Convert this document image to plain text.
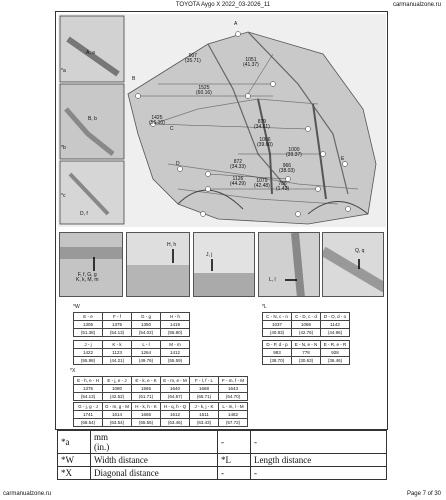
TOYOTA Aygo X 2022_03-2026_11	carmanualzone.ru
907
(35.71)	1051
(41.37)
1525
(60.16)
1425
(56.10)	879
(34.61)
1006
(39.60)
1000
(39.37)
872
(34.33)	966
(38.03)
1126
(44.29)	1079
(42.48)	786
(1.42)
A, a
B, b
D, f
*a
*b
*c
B
C
D
E
A
F, f, G, g
K, k, M, m
H, h
J, j
L, l
Q, q
*W
E - e	F - f	G - g	H - h
1305	1375	1350	1419
(51.38)	(54.13)	(54.02)	(55.80)
J - j	K - k	L - l	M - m
1422	1123	1264	1412
(55.98)	(44.21)	(49.76)	(55.59)
*L
C - N, c - n	C - D, c - d	D - O, d - o
1037	1086	1142
(40.83)	(42.76)	(44.96)
D - P, d - p	E - N, e - N	E - R, e - R
983	778	928
(38.70)	(30.63)	(36.46)
*X
E - h, e - H	E - j, e - J	E - k, e - K	E - m, e - M	F - l, f - L	F - m, f - M
1375	1080	1565	1640	1668	1643
(54.13)	(42.52)	(61.71)	(64.57)	(65.71)	(64.70)
G - j, g - J	G - m, g - M	H - k, h - K	H - q, h - Q	J - k, j - K	L - m, l - M
1741	1614	1665	1612	1611	1482
(68.54)	(63.54)	(65.55)	(63.46)	(63.43)	(57.72)
*a	mm
(in.)	-	-
*W	Width distance	*L	Length distance
*X	Diagonal distance	-	-
carmanualzone.ru	Page 7 of 30
